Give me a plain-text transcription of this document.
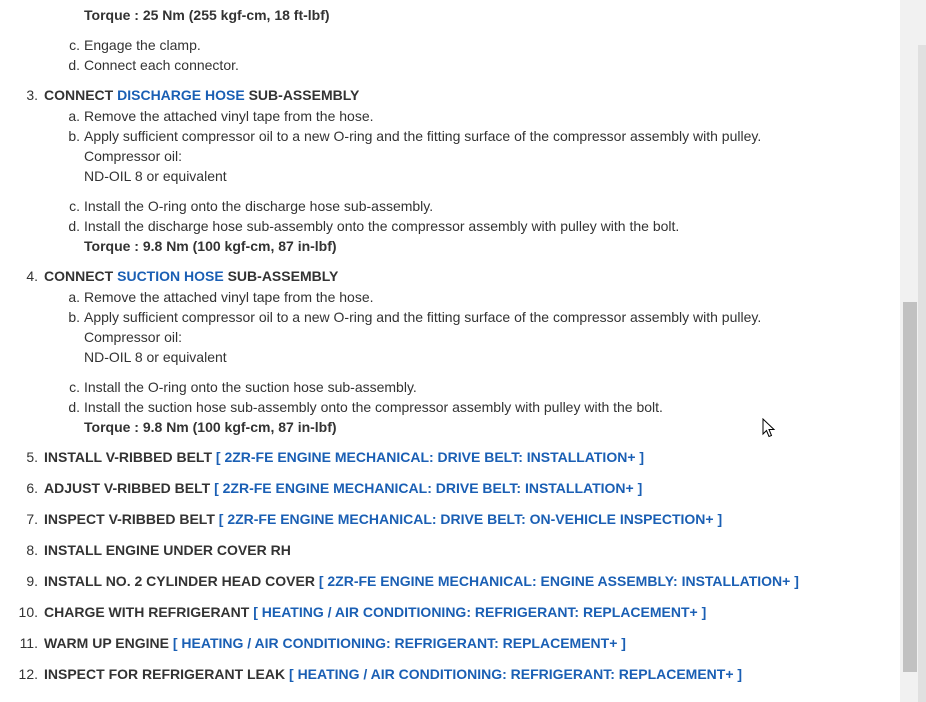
Torque : 25 Nm (255 kgf-cm, 18 ft-lbf)
c. Engage the clamp.
d. Connect each connector.
3. CONNECT DISCHARGE HOSE SUB-ASSEMBLY
a. Remove the attached vinyl tape from the hose.
b. Apply sufficient compressor oil to a new O-ring and the fitting surface of the compressor assembly with pulley.
Compressor oil:
ND-OIL 8 or equivalent
c. Install the O-ring onto the discharge hose sub-assembly.
d. Install the discharge hose sub-assembly onto the compressor assembly with pulley with the bolt.
Torque : 9.8 Nm (100 kgf-cm, 87 in-lbf)
4. CONNECT SUCTION HOSE SUB-ASSEMBLY
a. Remove the attached vinyl tape from the hose.
b. Apply sufficient compressor oil to a new O-ring and the fitting surface of the compressor assembly with pulley.
Compressor oil:
ND-OIL 8 or equivalent
c. Install the O-ring onto the suction hose sub-assembly.
d. Install the suction hose sub-assembly onto the compressor assembly with pulley with the bolt.
Torque : 9.8 Nm (100 kgf-cm, 87 in-lbf)
5. INSTALL V-RIBBED BELT [ 2ZR-FE ENGINE MECHANICAL: DRIVE BELT: INSTALLATION+ ]
6. ADJUST V-RIBBED BELT [ 2ZR-FE ENGINE MECHANICAL: DRIVE BELT: INSTALLATION+ ]
7. INSPECT V-RIBBED BELT [ 2ZR-FE ENGINE MECHANICAL: DRIVE BELT: ON-VEHICLE INSPECTION+ ]
8. INSTALL ENGINE UNDER COVER RH
9. INSTALL NO. 2 CYLINDER HEAD COVER [ 2ZR-FE ENGINE MECHANICAL: ENGINE ASSEMBLY: INSTALLATION+ ]
10. CHARGE WITH REFRIGERANT [ HEATING / AIR CONDITIONING: REFRIGERANT: REPLACEMENT+ ]
11. WARM UP ENGINE [ HEATING / AIR CONDITIONING: REFRIGERANT: REPLACEMENT+ ]
12. INSPECT FOR REFRIGERANT LEAK [ HEATING / AIR CONDITIONING: REFRIGERANT: REPLACEMENT+ ]
